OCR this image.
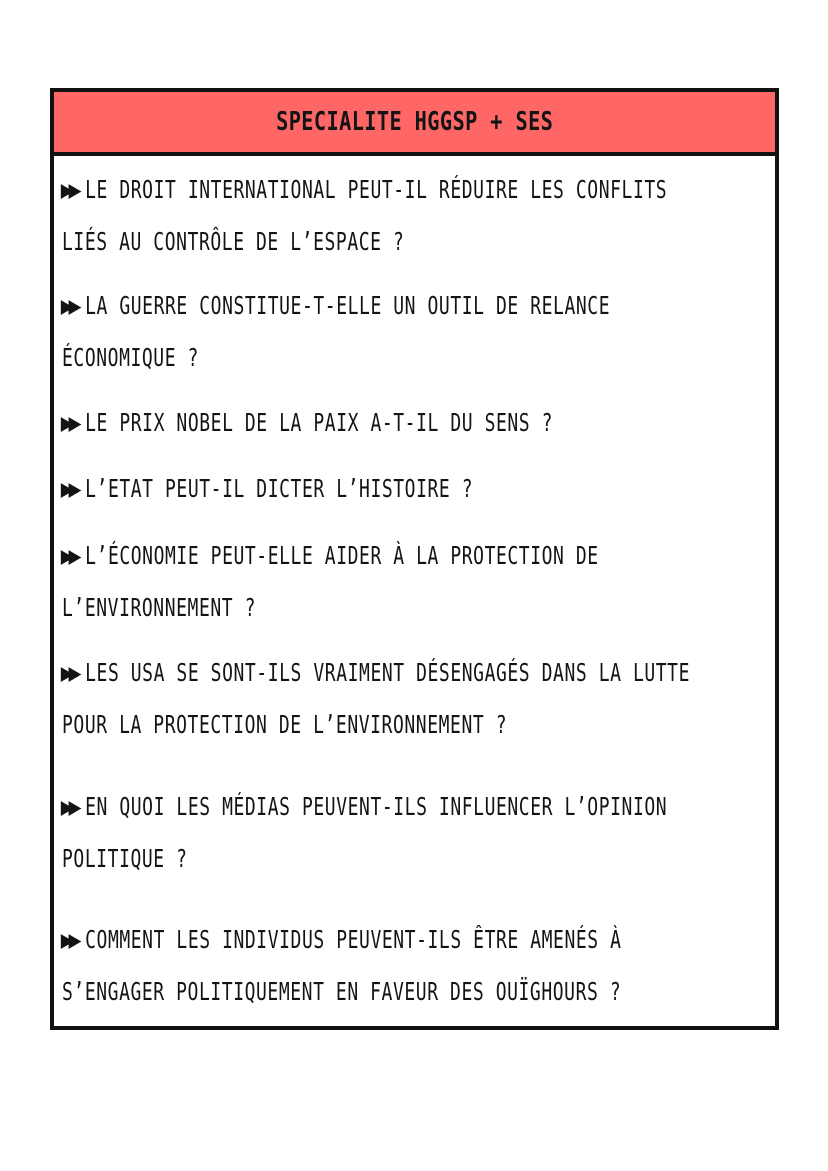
SPECIALITE HGGSP + SES
▶▶ LE DROIT INTERNATIONAL PEUT-IL RÉDUIRE LES CONFLITS
LIÉS AU CONTRÔLE DE L’ESPACE ?
▶▶ LA GUERRE CONSTITUE-T-ELLE UN OUTIL DE RELANCE
ÉCONOMIQUE ?
▶▶ LE PRIX NOBEL DE LA PAIX A-T-IL DU SENS ?
▶▶ L’ETAT PEUT-IL DICTER L’HISTOIRE ?
▶▶ L’ÉCONOMIE PEUT-ELLE AIDER À LA PROTECTION DE
L’ENVIRONNEMENT ?
▶▶ LES USA SE SONT-ILS VRAIMENT DÉSENGAGÉS DANS LA LUTTE
POUR LA PROTECTION DE L’ENVIRONNEMENT ?
▶▶ EN QUOI LES MÉDIAS PEUVENT-ILS INFLUENCER L’OPINION
POLITIQUE ?
▶▶ COMMENT LES INDIVIDUS PEUVENT-ILS ÊTRE AMENÉS À
S’ENGAGER POLITIQUEMENT EN FAVEUR DES OUÏGHOURS ?
